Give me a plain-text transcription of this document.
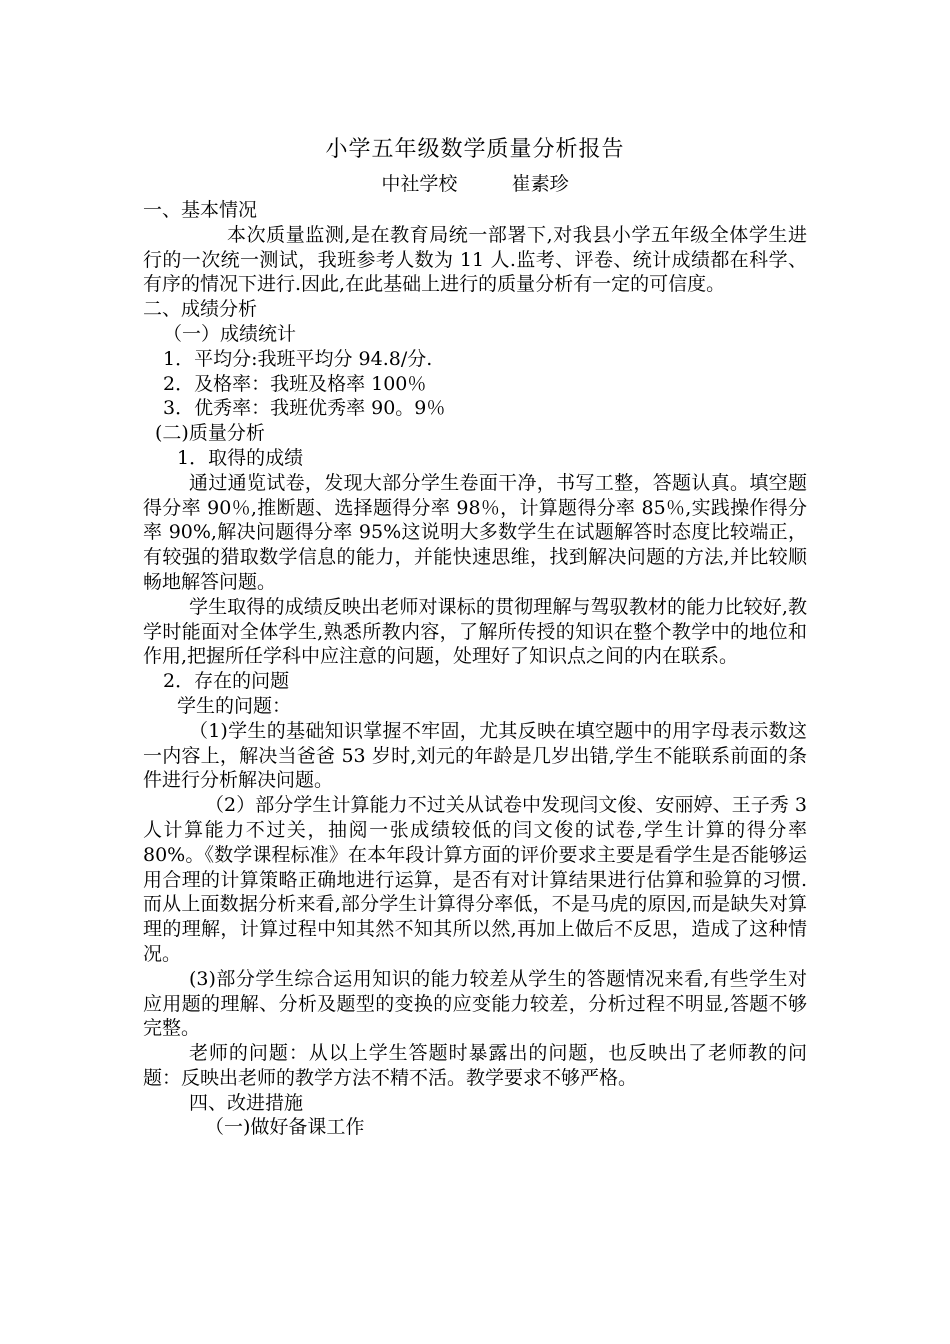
小学五年级数学质量分析报告
中社学校         崔素珍

一、基本情况

本次质量监测,是在教育局统一部署下,对我县小学五年级全体学生进行的一次统一测试，我班参考人数为 11 人.监考、评卷、统计成绩都在科学、有序的情况下进行.因此,在此基础上进行的质量分析有一定的可信度。

二、成绩分析

（一）成绩统计

1．平均分:我班平均分 94.8/分.

2．及格率：我班及格率 100％

3．优秀率：我班优秀率 90。9％

(二)质量分析

1．取得的成绩

通过通览试卷，发现大部分学生卷面干净，书写工整，答题认真。填空题得分率 90％,推断题、选择题得分率 98％，计算题得分率 85％,实践操作得分率 90%,解决问题得分率 95%这说明大多数学生在试题解答时态度比较端正，有较强的猎取数学信息的能力，并能快速思维，找到解决问题的方法,并比较顺畅地解答问题。

学生取得的成绩反映出老师对课标的贯彻理解与驾驭教材的能力比较好,教学时能面对全体学生,熟悉所教内容，了解所传授的知识在整个教学中的地位和作用,把握所任学科中应注意的问题，处理好了知识点之间的内在联系。

2．存在的问题

学生的问题：

（1)学生的基础知识掌握不牢固，尤其反映在填空题中的用字母表示数这一内容上，解决当爸爸 53 岁时,刘元的年龄是几岁出错,学生不能联系前面的条件进行分析解决问题。

（2）部分学生计算能力不过关从试卷中发现闫文俊、安丽婷、王子秀 3 人计算能力不过关，抽阅一张成绩较低的闫文俊的试卷,学生计算的得分率 80%。《数学课程标准》在本年段计算方面的评价要求主要是看学生是否能够运用合理的计算策略正确地进行运算，是否有对计算结果进行估算和验算的习惯.而从上面数据分析来看,部分学生计算得分率低，不是马虎的原因,而是缺失对算理的理解，计算过程中知其然不知其所以然,再加上做后不反思，造成了这种情况。

(3)部分学生综合运用知识的能力较差从学生的答题情况来看,有些学生对应用题的理解、分析及题型的变换的应变能力较差，分析过程不明显,答题不够完整。

老师的问题：从以上学生答题时暴露出的问题，也反映出了老师教的问题：反映出老师的教学方法不精不活。教学要求不够严格。

四、改进措施

（一)做好备课工作
